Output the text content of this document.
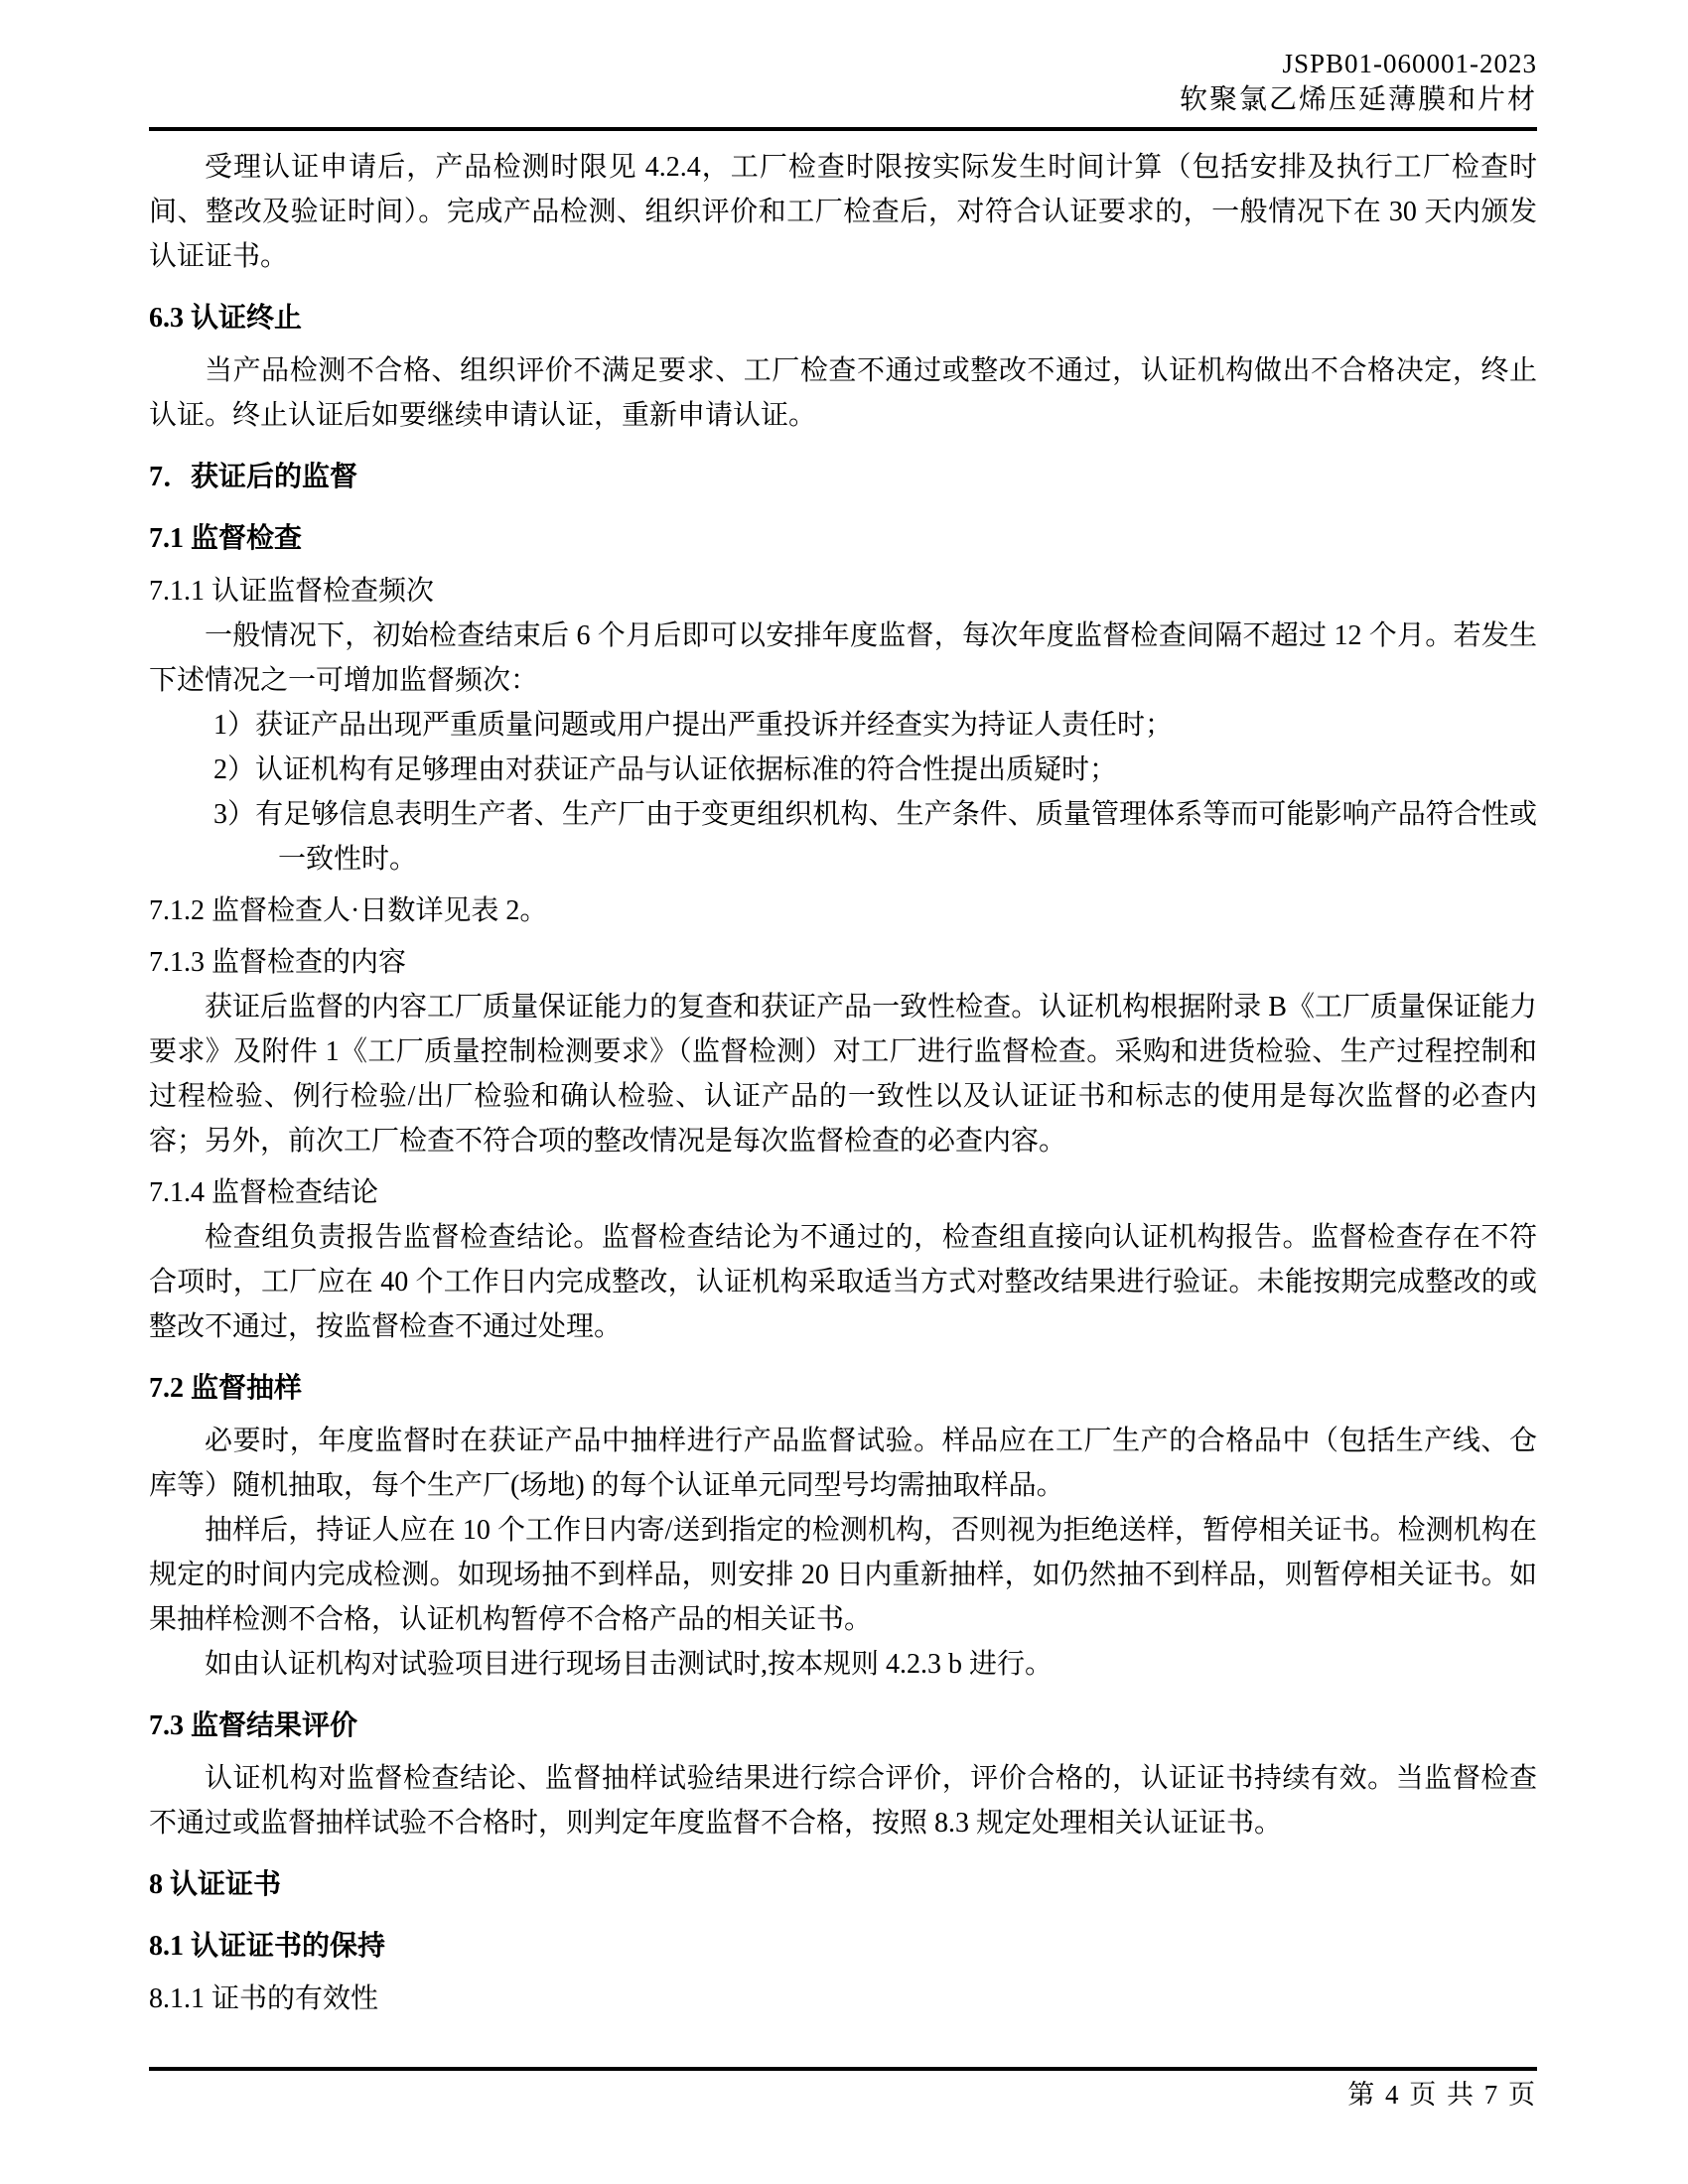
JSPB01-060001-2023
软聚氯乙烯压延薄膜和片材

受理认证申请后，产品检测时限见 4.2.4，工厂检查时限按实际发生时间计算（包括安排及执行工厂检查时间、整改及验证时间）。完成产品检测、组织评价和工厂检查后，对符合认证要求的，一般情况下在 30 天内颁发认证证书。

6.3 认证终止

当产品检测不合格、组织评价不满足要求、工厂检查不通过或整改不通过，认证机构做出不合格决定，终止认证。终止认证后如要继续申请认证，重新申请认证。

7．获证后的监督

7.1 监督检查

7.1.1 认证监督检查频次

一般情况下，初始检查结束后 6 个月后即可以安排年度监督，每次年度监督检查间隔不超过 12 个月。若发生下述情况之一可增加监督频次：

1）获证产品出现严重质量问题或用户提出严重投诉并经查实为持证人责任时；

2）认证机构有足够理由对获证产品与认证依据标准的符合性提出质疑时；

3）有足够信息表明生产者、生产厂由于变更组织机构、生产条件、质量管理体系等而可能影响产品符合性或一致性时。

7.1.2 监督检查人·日数详见表 2。

7.1.3 监督检查的内容

获证后监督的内容工厂质量保证能力的复查和获证产品一致性检查。认证机构根据附录 B《工厂质量保证能力要求》及附件 1《工厂质量控制检测要求》（监督检测）对工厂进行监督检查。采购和进货检验、生产过程控制和过程检验、例行检验/出厂检验和确认检验、认证产品的一致性以及认证证书和标志的使用是每次监督的必查内容；另外，前次工厂检查不符合项的整改情况是每次监督检查的必查内容。

7.1.4 监督检查结论

检查组负责报告监督检查结论。监督检查结论为不通过的，检查组直接向认证机构报告。监督检查存在不符合项时，工厂应在 40 个工作日内完成整改，认证机构采取适当方式对整改结果进行验证。未能按期完成整改的或整改不通过，按监督检查不通过处理。

7.2 监督抽样

必要时，年度监督时在获证产品中抽样进行产品监督试验。样品应在工厂生产的合格品中（包括生产线、仓库等）随机抽取，每个生产厂(场地) 的每个认证单元同型号均需抽取样品。

抽样后，持证人应在 10 个工作日内寄/送到指定的检测机构，否则视为拒绝送样，暂停相关证书。检测机构在规定的时间内完成检测。如现场抽不到样品，则安排 20 日内重新抽样，如仍然抽不到样品，则暂停相关证书。如果抽样检测不合格，认证机构暂停不合格产品的相关证书。

如由认证机构对试验项目进行现场目击测试时,按本规则 4.2.3 b 进行。

7.3 监督结果评价

认证机构对监督检查结论、监督抽样试验结果进行综合评价，评价合格的，认证证书持续有效。当监督检查不通过或监督抽样试验不合格时，则判定年度监督不合格，按照 8.3 规定处理相关认证证书。

8 认证证书

8.1 认证证书的保持

8.1.1 证书的有效性

第 4 页 共 7 页
